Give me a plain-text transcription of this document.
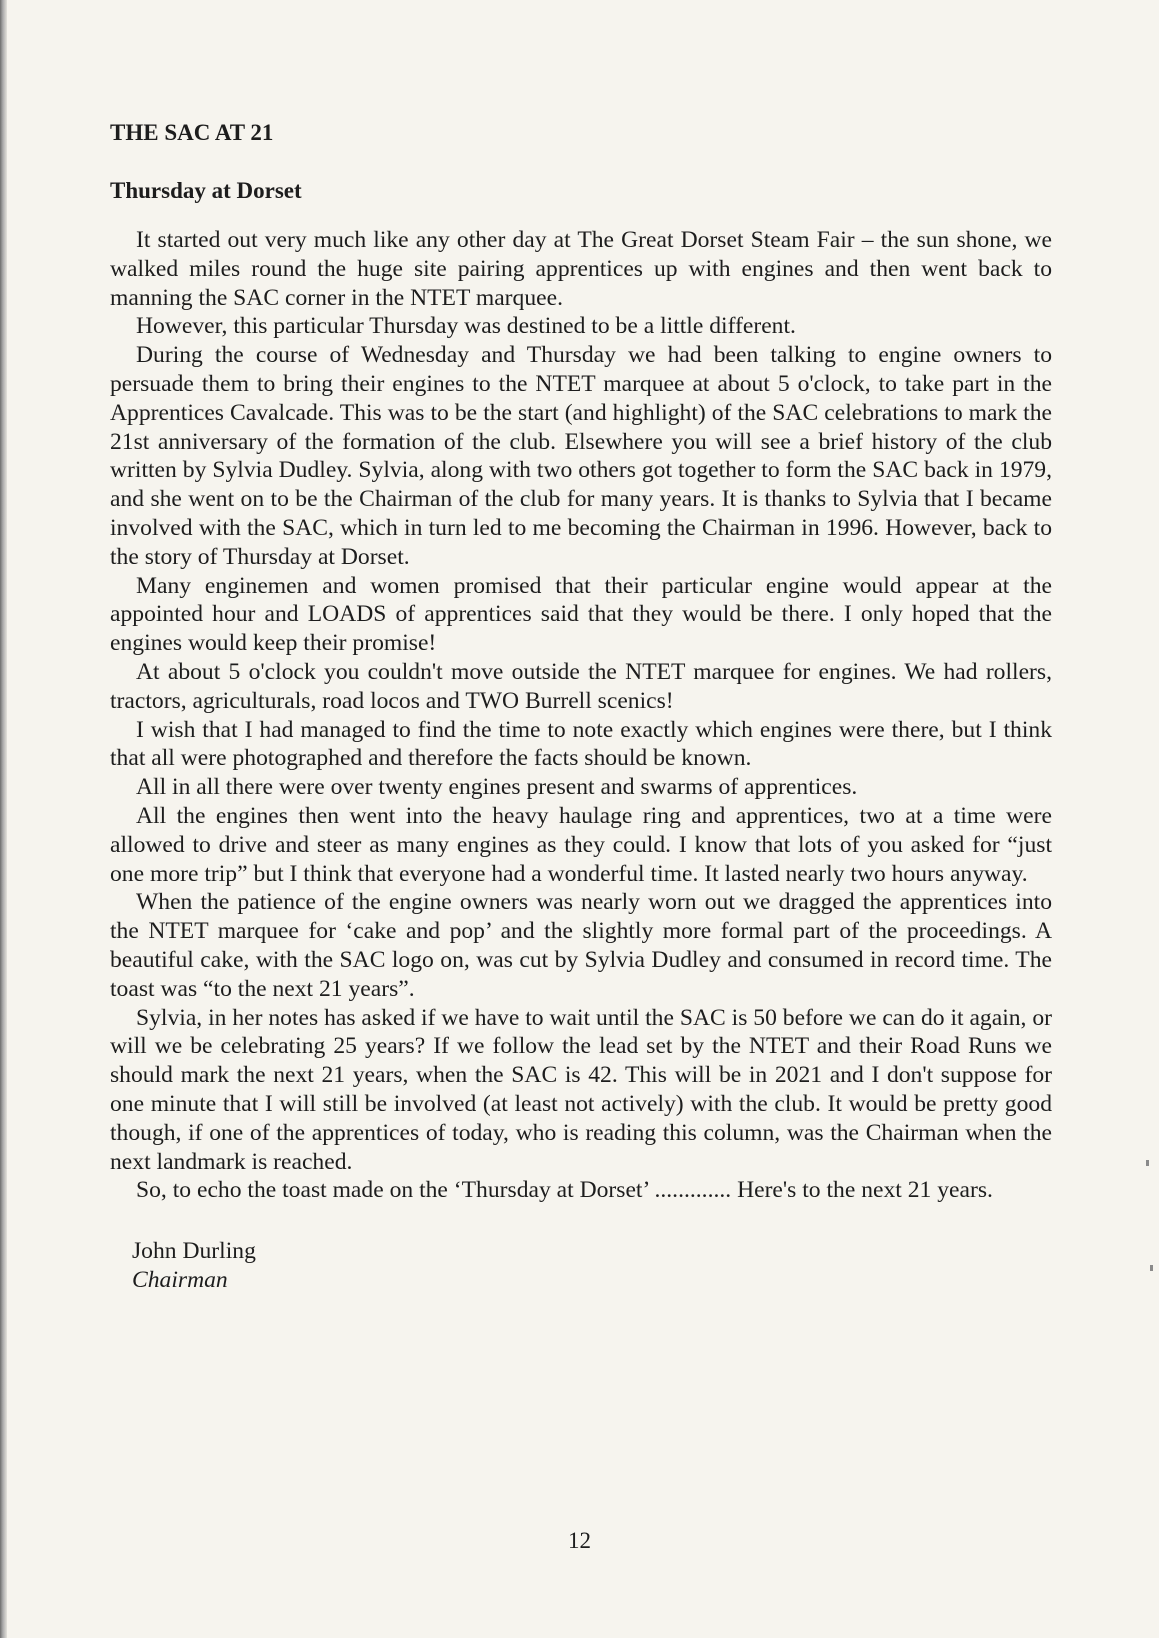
THE SAC AT 21
Thursday at Dorset

It started out very much like any other day at The Great Dorset Steam Fair – the sun shone, we walked miles round the huge site pairing apprentices up with engines and then went back to manning the SAC corner in the NTET marquee.

However, this particular Thursday was destined to be a little different.

During the course of Wednesday and Thursday we had been talking to engine owners to persuade them to bring their engines to the NTET marquee at about 5 o'clock, to take part in the Apprentices Cavalcade. This was to be the start (and highlight) of the SAC celebrations to mark the 21st anniversary of the formation of the club. Elsewhere you will see a brief history of the club written by Sylvia Dudley. Sylvia, along with two others got together to form the SAC back in 1979, and she went on to be the Chairman of the club for many years. It is thanks to Sylvia that I became involved with the SAC, which in turn led to me becoming the Chairman in 1996. However, back to the story of Thursday at Dorset.

Many enginemen and women promised that their particular engine would appear at the appointed hour and LOADS of apprentices said that they would be there. I only hoped that the engines would keep their promise!

At about 5 o'clock you couldn't move outside the NTET marquee for engines. We had rollers, tractors, agriculturals, road locos and TWO Burrell scenics!

I wish that I had managed to find the time to note exactly which engines were there, but I think that all were photographed and therefore the facts should be known.

All in all there were over twenty engines present and swarms of apprentices.

All the engines then went into the heavy haulage ring and apprentices, two at a time were allowed to drive and steer as many engines as they could. I know that lots of you asked for “just one more trip” but I think that everyone had a wonderful time. It lasted nearly two hours anyway.

When the patience of the engine owners was nearly worn out we dragged the apprentices into the NTET marquee for ‘cake and pop’ and the slightly more formal part of the proceedings. A beautiful cake, with the SAC logo on, was cut by Sylvia Dudley and consumed in record time. The toast was “to the next 21 years”.

Sylvia, in her notes has asked if we have to wait until the SAC is 50 before we can do it again, or will we be celebrating 25 years? If we follow the lead set by the NTET and their Road Runs we should mark the next 21 years, when the SAC is 42. This will be in 2021 and I don't suppose for one minute that I will still be involved (at least not actively) with the club. It would be pretty good though, if one of the apprentices of today, who is reading this column, was the Chairman when the next landmark is reached.

So, to echo the toast made on the ‘Thursday at Dorset’ ............. Here's to the next 21 years.

John Durling
Chairman
12
